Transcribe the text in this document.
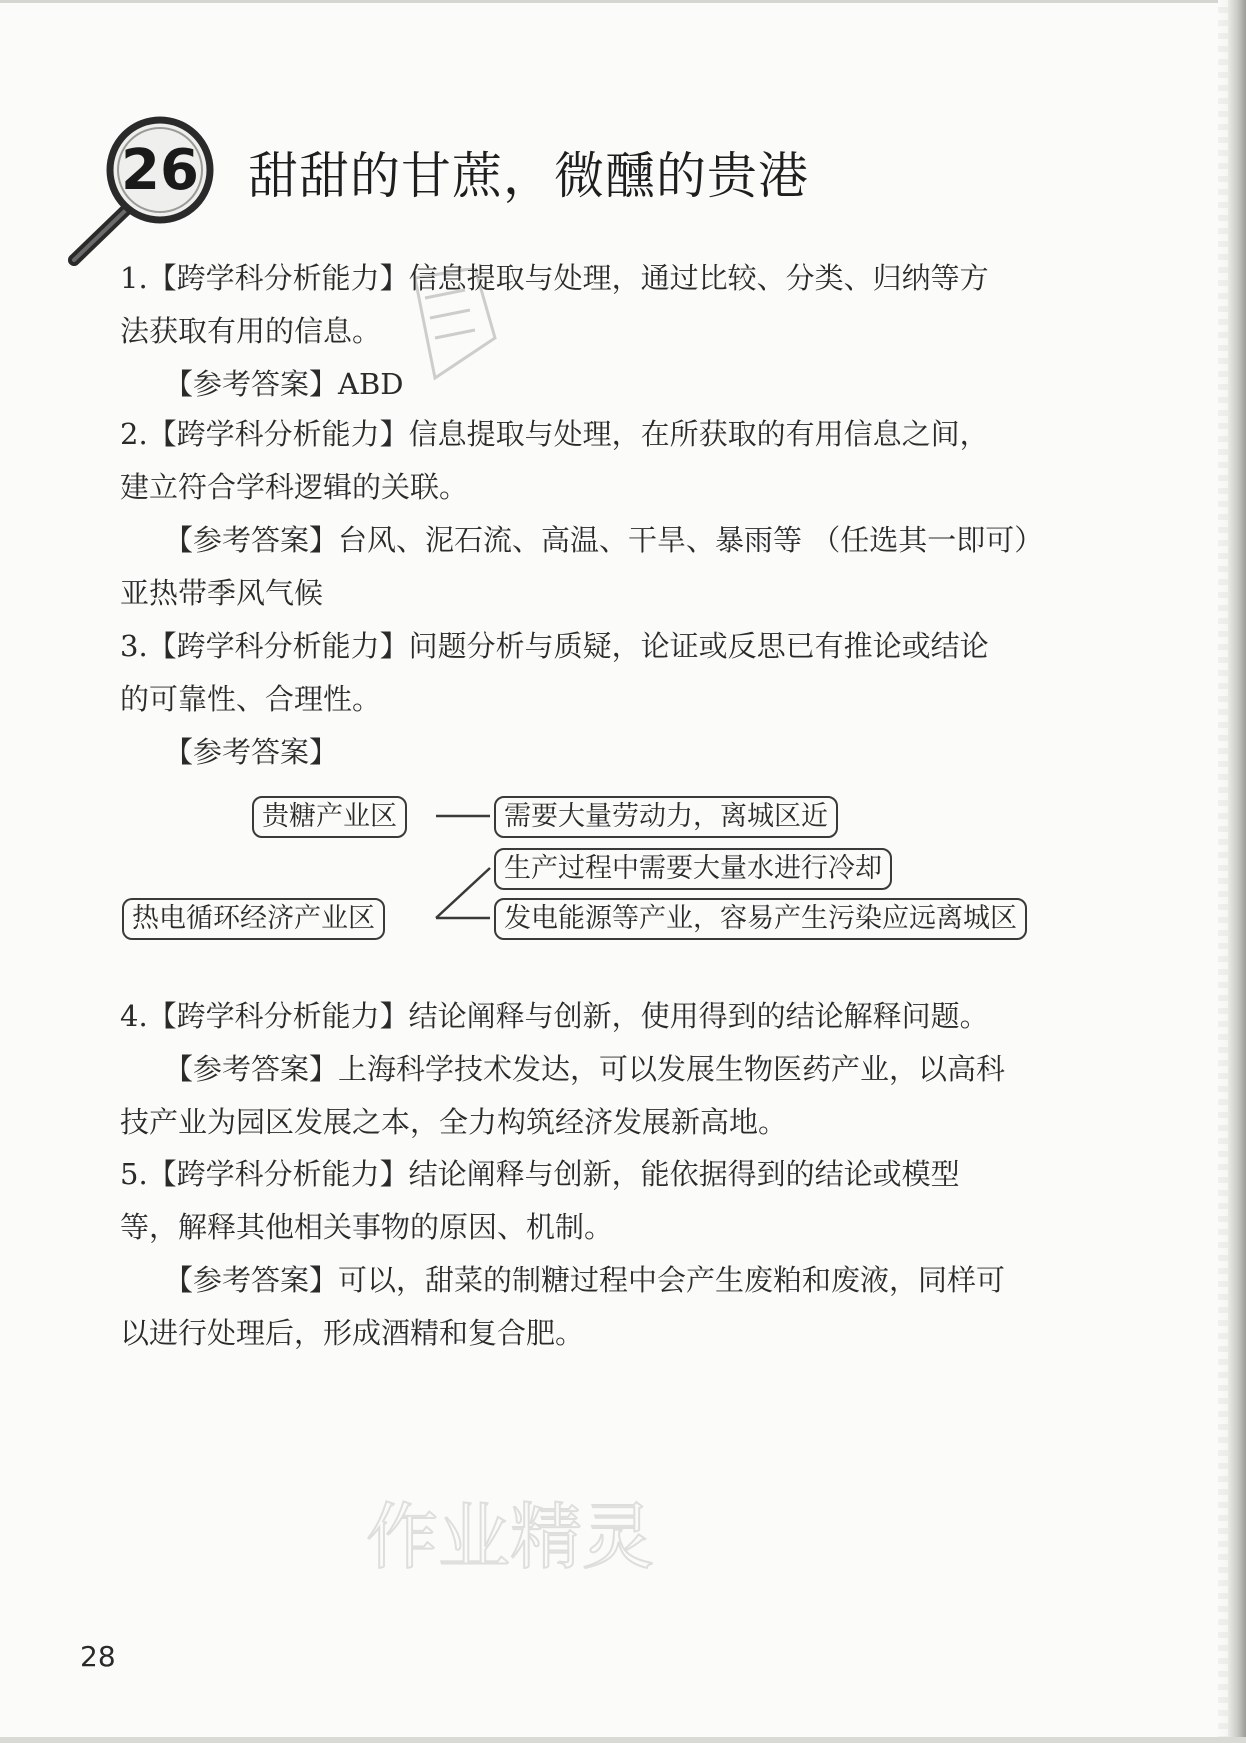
26 甜甜的甘蔗，微醺的贵港
1.【跨学科分析能力】信息提取与处理，通过比较、分类、归纳等方
法获取有用的信息。
【参考答案】ABD
2.【跨学科分析能力】信息提取与处理，在所获取的有用信息之间，
建立符合学科逻辑的关联。
【参考答案】台风、泥石流、高温、干旱、暴雨等 （任选其一即可）
亚热带季风气候
3.【跨学科分析能力】问题分析与质疑，论证或反思已有推论或结论
的可靠性、合理性。
【参考答案】
贵糖产业区
热电循环经济产业区
需要大量劳动力，离城区近
生产过程中需要大量水进行冷却
发电能源等产业，容易产生污染应远离城区
4.【跨学科分析能力】结论阐释与创新，使用得到的结论解释问题。
【参考答案】上海科学技术发达，可以发展生物医药产业，以高科
技产业为园区发展之本，全力构筑经济发展新高地。
5.【跨学科分析能力】结论阐释与创新，能依据得到的结论或模型
等，解释其他相关事物的原因、机制。
【参考答案】可以，甜菜的制糖过程中会产生废粕和废液，同样可
以进行处理后，形成酒精和复合肥。
作业精灵
28
